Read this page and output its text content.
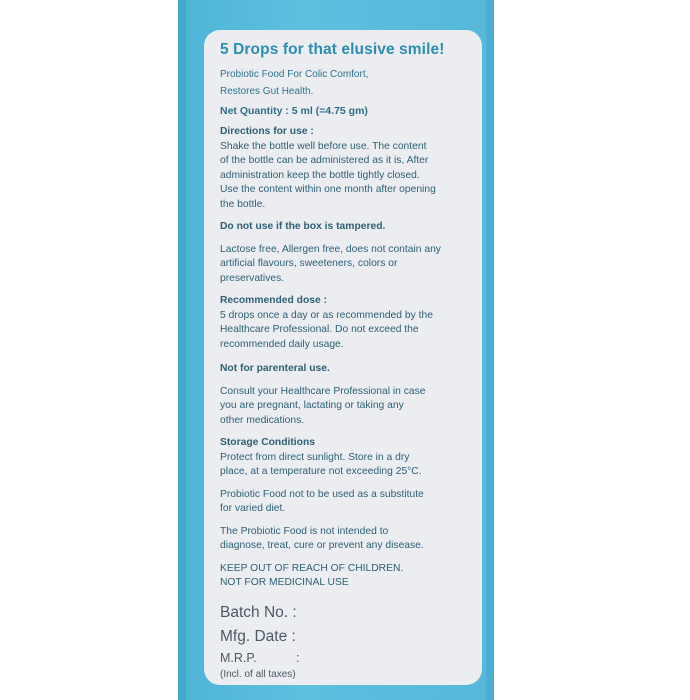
5 Drops for that elusive smile!
Probiotic Food For Colic Comfort,
Restores Gut Health.
Net Quantity : 5 ml (=4.75 gm)

Directions for use :

Shake the bottle well before use. The content

of the bottle can be administered as it is, After

administration keep the bottle tightly closed.

Use the content within one month after opening

the bottle.

Do not use if the box is tampered.

Lactose free, Allergen free, does not contain any

artificial flavours, sweeteners, colors or

preservatives.

Recommended dose :

5 drops once a day or as recommended by the

Healthcare Professional. Do not exceed the

recommended daily usage.

Not for parenteral use.

Consult your Healthcare Professional in case

you are pregnant, lactating or taking any

other medications.

Storage Conditions

Protect from direct sunlight. Store in a dry

place, at a temperature not exceeding 25°C.

Probiotic Food not to be used as a substitute

for varied diet.

The Probiotic Food is not intended to

diagnose, treat, cure or prevent any disease.

KEEP OUT OF REACH OF CHILDREN.

NOT FOR MEDICINAL USE

Batch No. :
Mfg. Date :
M.R.P.	:
(Incl. of all taxes)
